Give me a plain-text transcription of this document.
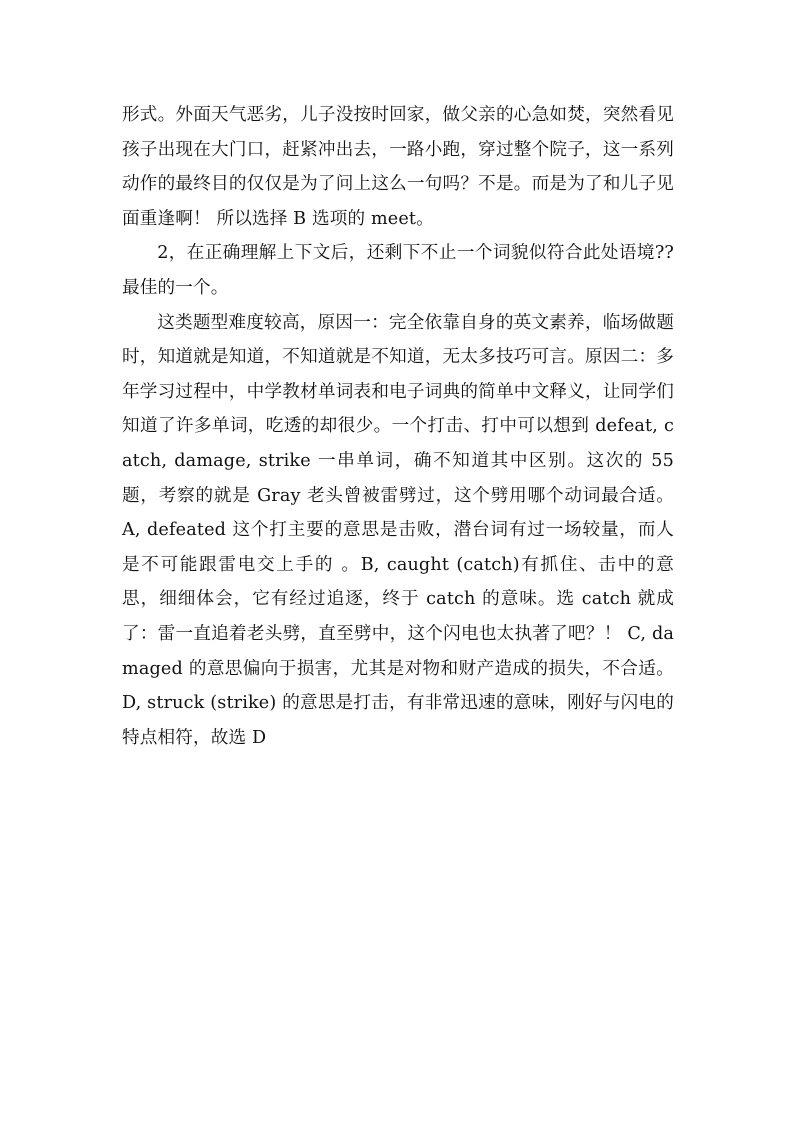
形式。外面天气恶劣，儿子没按时回家，做父亲的心急如焚，突然看见孩子出现在大门口，赶紧冲出去，一路小跑，穿过整个院子，这一系列动作的最终目的仅仅是为了问上这么一句吗？不是。而是为了和儿子见面重逢啊！ 所以选择 B 选项的 meet。

2，在正确理解上下文后，还剩下不止一个词貌似符合此处语境??最佳的一个。

这类题型难度较高，原因一：完全依靠自身的英文素养，临场做题时，知道就是知道，不知道就是不知道，无太多技巧可言。原因二：多年学习过程中，中学教材单词表和电子词典的简单中文释义，让同学们知道了许多单词，吃透的却很少。一个打击、打中可以想到 defeat, catch, damage, strike 一串单词，确不知道其中区别。这次的 55 题，考察的就是 Gray 老头曾被雷劈过，这个劈用哪个动词最合适。 A, defeated 这个打主要的意思是击败，潜台词有过一场较量，而人是不可能跟雷电交上手的 。B, caught (catch)有抓住、击中的意思，细细体会，它有经过追逐，终于 catch 的意味。选 catch 就成了：雷一直追着老头劈，直至劈中，这个闪电也太执著了吧？！ C, damaged 的意思偏向于损害，尤其是对物和财产造成的损失，不合适。 D, struck (strike) 的意思是打击，有非常迅速的意味，刚好与闪电的特点相符，故选 D
